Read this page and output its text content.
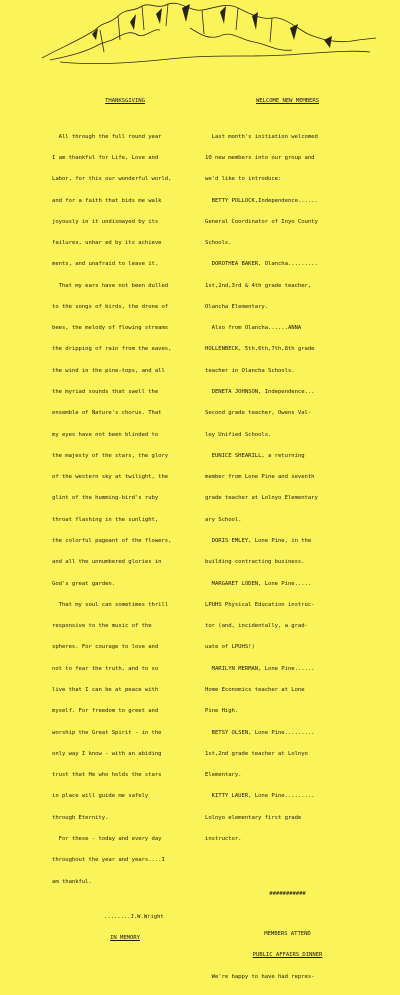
THANKSGIVING

All through the full round year

I am thankful for Life, Love and

Labor, for this our wonderful world,

and for a faith that bids me walk

joyously in it undismayed by its

failures, unhar ed by its achieve

ments, and unafraid to leave it.

That my ears have not been dulled

to the songs of birds, the drone of

bees, the melody of flowing streams

the dripping of rain from the eaves,

the wind in the pine-tops, and all

the myriad sounds that swell the

ensemble of Nature's chorus. That

my eyes have not been blinded to

the majesty of the stars, the glory

of the western sky at twilight, the

glint of the humming-bird's ruby

throat flashing in the sunlight,

the colorful pageant of the flowers,

and all the unnumbered glories in

God's great garden.

That my soul can sometimes thrill

responsive to the music of the

spheres. For courage to love and

not to fear the truth, and to so

live that I can be at peace with

myself. For freedom to greet and

worship the Great Spirit - in the

only way I know - with an abiding

trust that He who holds the stars

in place will guide me safely

through Eternity.

For these - today and every day

throughout the year and years....I

am thankful.

........J.W.Wright

IN MEMORY

WELCOME NEW MEMBERS

Last month's initiation welcomed

10 new members into our group and

we'd like to introduce:

BETTY POLLOCK,Independence......

General Coordinator of Inyo County

Schools.

DOROTHEA BAKER, Olancha.........

1st,2nd,3rd & 4th grade teacher,

Olancha Elementary.

Also from Olancha......ANNA

HOLLENBECK, 5th,6th,7th,8th grade

teacher in Olancha Schools.

DENETA JOHNSON, Independence...

Second grade teacher, Owens Val-

ley Unified Schools.

EUNICE SHEARILL, a returning

member from Lone Pine and seventh

grade teacher at Lolnyo Elementary

ary School.

DORIS EMLEY, Lone Pine, in the

building contracting business.

MARGARET LODEN, Lone Pine.....

LPUHS Physical Education instruc-

tor (and, incidentally, a grad-

uate of LPUHS!)

MARILYN MERMAN, Lone Pine......

Home Economics teacher at Lone

Pine High.

BETSY OLSEN, Lone Pine.........

1st,2nd grade teacher at Lolnyo

Elementary.

KITTY LAUER, Lone Pine.........

Lolnyo elementary first grade

instructor.

###########

MEMBERS ATTEND

PUBLIC AFFAIRS DINNER

We're happy to have had repres-
